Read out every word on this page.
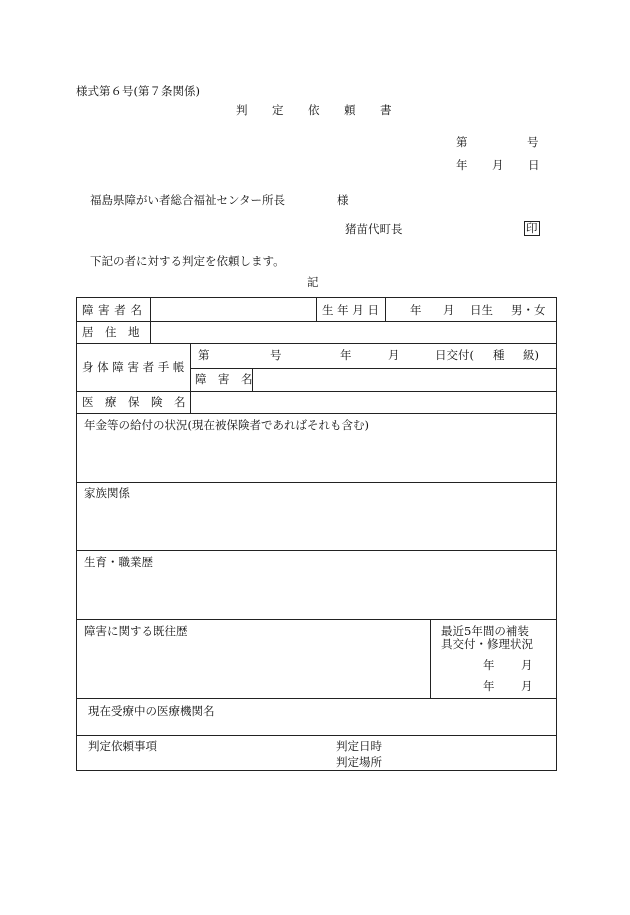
様式第６号(第７条関係)
判　　定　　依　　頼　　書
第	号
年 月 日
福島県障がい者総合福祉センター所長	様
猪苗代町長	印
下記の者に対する判定を依頼します。
記
障 害 者 名	生 年 月 日	年 月 日生 男・女
居　住　地
身 体 障 害 者 手 帳
第	号	年	月	日交付( 種 級)
障　害　名
医　療　保　険　名
年金等の給付の状況(現在被保険者であればそれも含む)
家族関係
生育・職業歴
障害に関する既往歴	最近5年間の補装
具交付・修理状況
年 月
年 月
現在受療中の医療機関名
判定依頼事項	判定日時
判定場所
